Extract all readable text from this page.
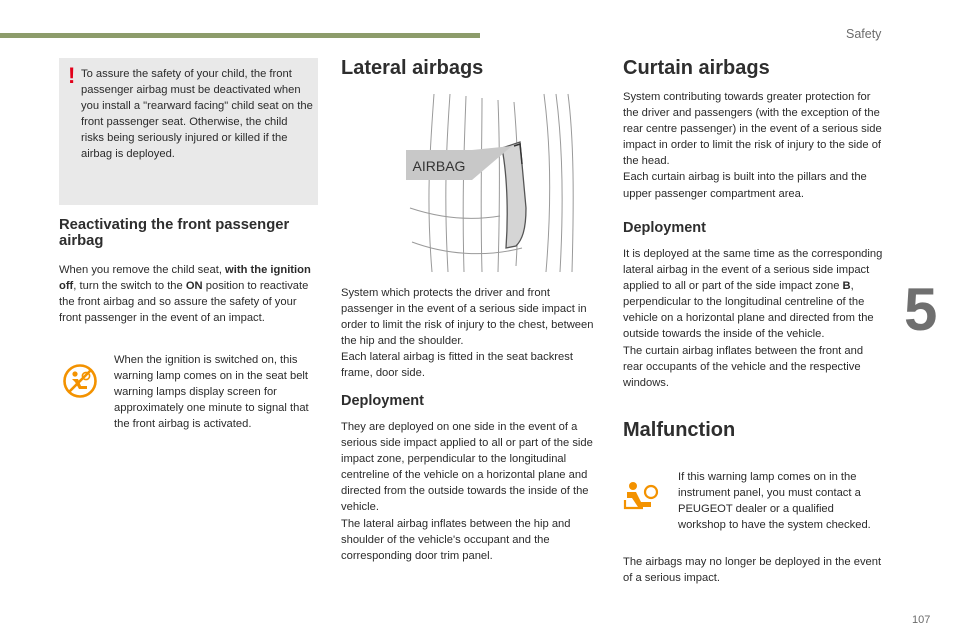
Safety
5
107
! To assure the safety of your child, the front passenger airbag must be deactivated when you install a "rearward facing" child seat on the front passenger seat. Otherwise, the child risks being seriously injured or killed if the airbag is deployed.
Reactivating the front passenger airbag

When you remove the child seat, with the ignition off, turn the switch to the ON position to reactivate the front airbag and so assure the safety of your front passenger in the event of an impact.

When the ignition is switched on, this warning lamp comes on in the seat belt warning lamps display screen for approximately one minute to signal that the front airbag is activated.
Lateral airbags
AIRBAG

System which protects the driver and front passenger in the event of a serious side impact in order to limit the risk of injury to the chest, between the hip and the shoulder.

Each lateral airbag is fitted in the seat backrest frame, door side.

Deployment

They are deployed on one side in the event of a serious side impact applied to all or part of the side impact zone, perpendicular to the longitudinal centreline of the vehicle on a horizontal plane and directed from the outside towards the inside of the vehicle.

The lateral airbag inflates between the hip and shoulder of the vehicle's occupant and the corresponding door trim panel.

Curtain airbags

System contributing towards greater protection for the driver and passengers (with the exception of the rear centre passenger) in the event of a serious side impact in order to limit the risk of injury to the side of the head.

Each curtain airbag is built into the pillars and the upper passenger compartment area.

Deployment

It is deployed at the same time as the corresponding lateral airbag in the event of a serious side impact applied to all or part of the side impact zone B, perpendicular to the longitudinal centreline of the vehicle on a horizontal plane and directed from the outside towards the inside of the vehicle.

The curtain airbag inflates between the front and rear occupants of the vehicle and the respective windows.

Malfunction
If this warning lamp comes on in the instrument panel, you must contact a PEUGEOT dealer or a qualified workshop to have the system checked.
The airbags may no longer be deployed in the event of a serious impact.
